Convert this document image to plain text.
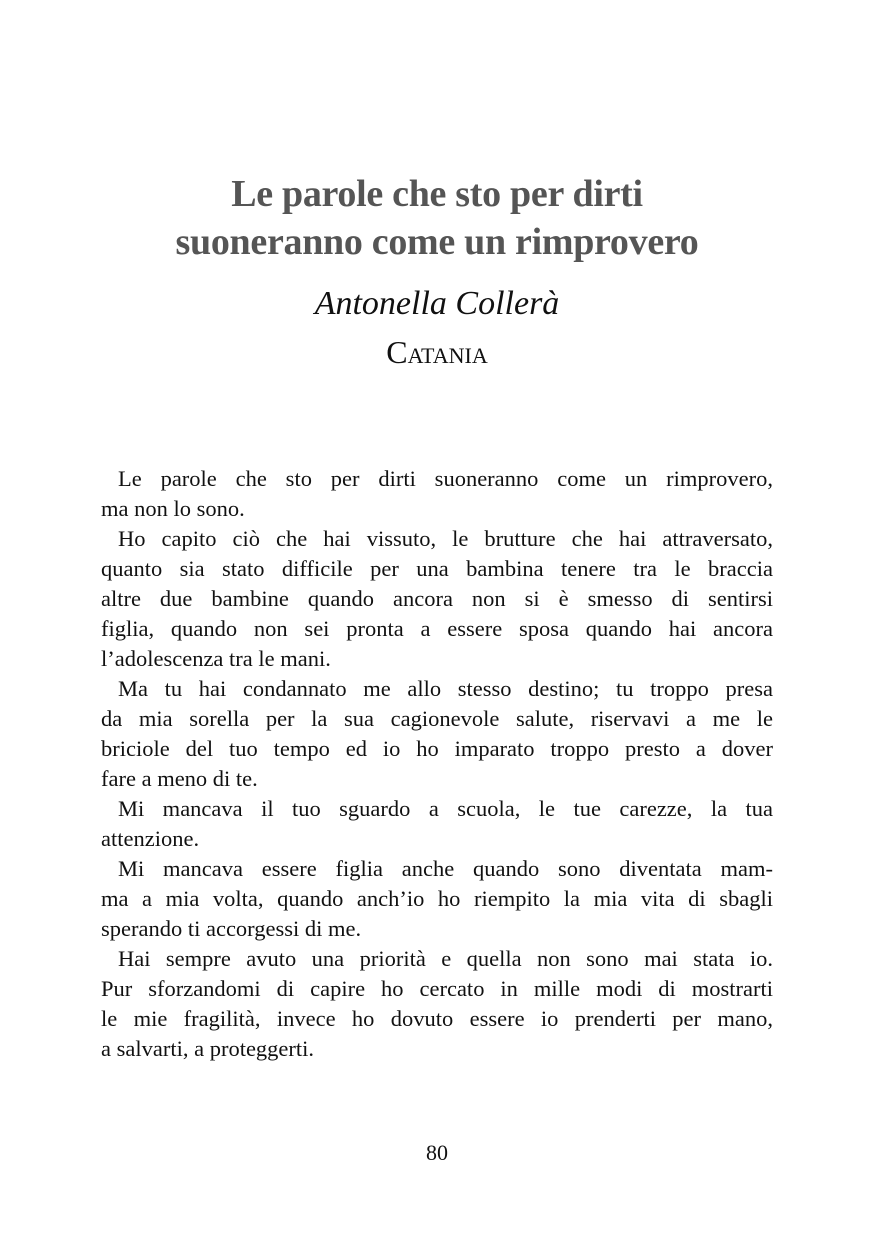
Le parole che sto per dirti
suoneranno come un rimprovero
Antonella Collerà
Catania
Le parole che sto per dirti suoneranno come un rimprovero,
ma non lo sono.
Ho capito ciò che hai vissuto, le brutture che hai attraversato,
quanto sia stato difficile per una bambina tenere tra le braccia
altre due bambine quando ancora non si è smesso di sentirsi
figlia, quando non sei pronta a essere sposa quando hai ancora
l’adolescenza tra le mani.
Ma tu hai condannato me allo stesso destino; tu troppo presa
da mia sorella per la sua cagionevole salute, riservavi a me le
briciole del tuo tempo ed io ho imparato troppo presto a dover
fare a meno di te.
Mi mancava il tuo sguardo a scuola, le tue carezze, la tua
attenzione.
Mi mancava essere figlia anche quando sono diventata mam-
ma a mia volta, quando anch’io ho riempito la mia vita di sbagli
sperando ti accorgessi di me.
Hai sempre avuto una priorità e quella non sono mai stata io.
Pur sforzandomi di capire ho cercato in mille modi di mostrarti
le mie fragilità, invece ho dovuto essere io prenderti per mano,
a salvarti, a proteggerti.
80
